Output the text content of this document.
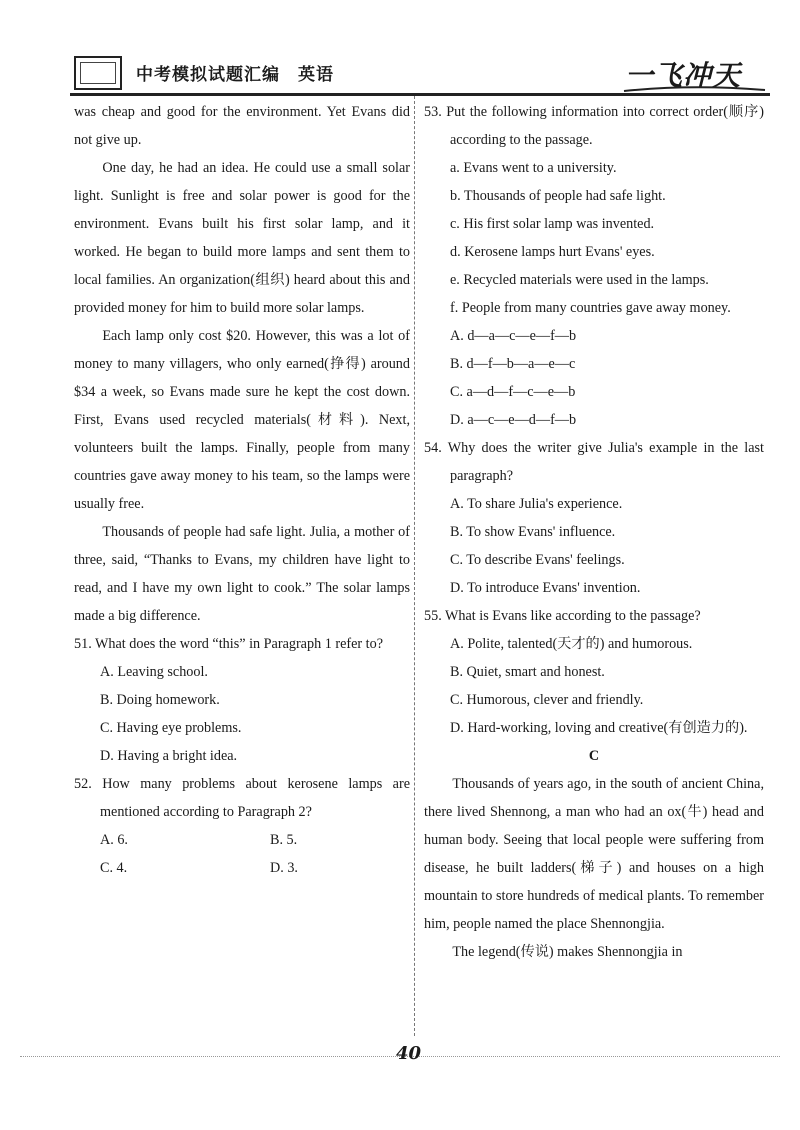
中考模拟试题汇编　英语	一飞冲天

was cheap and good for the environment. Yet Evans did not give up.

One day, he had an idea. He could use a small solar light. Sunlight is free and solar power is good for the environment. Evans built his first solar lamp, and it worked. He began to build more lamps and sent them to local families. An organization(组织) heard about this and provided money for him to build more solar lamps.

Each lamp only cost $20. However, this was a lot of money to many villagers, who only earned(挣得) around $34 a week, so Evans made sure he kept the cost down. First, Evans used recycled materials(材料). Next, volunteers built the lamps. Finally, people from many countries gave away money to his team, so the lamps were usually free.

Thousands of people had safe light. Julia, a mother of three, said, “Thanks to Evans, my children have light to read, and I have my own light to cook.” The solar lamps made a big difference.

51. What does the word “this” in Paragraph 1 refer to?

A. Leaving school.

B. Doing homework.

C. Having eye problems.

D. Having a bright idea.

52. How many problems about kerosene lamps are mentioned according to Paragraph 2?

A. 6.	B. 5.
C. 4.	D. 3.

53. Put the following information into correct order(顺序) according to the passage.

a. Evans went to a university.

b. Thousands of people had safe light.

c. His first solar lamp was invented.

d. Kerosene lamps hurt Evans' eyes.

e. Recycled materials were used in the lamps.

f. People from many countries gave away money.

A. d—a—c—e—f—b

B. d—f—b—a—e—c

C. a—d—f—c—e—b

D. a—c—e—d—f—b

54. Why does the writer give Julia's example in the last paragraph?

A. To share Julia's experience.

B. To show Evans' influence.

C. To describe Evans' feelings.

D. To introduce Evans' invention.

55. What is Evans like according to the passage?

A. Polite, talented(天才的) and humorous.

B. Quiet, smart and honest.

C. Humorous, clever and friendly.

D. Hard-working, loving and creative(有创造力的).

C

Thousands of years ago, in the south of ancient China, there lived Shennong, a man who had an ox(牛) head and human body. Seeing that local people were suffering from disease, he built ladders(梯子) and houses on a high mountain to store hundreds of medical plants. To remember him, people named the place Shennongjia.

The legend(传说) makes Shennongjia in

40
